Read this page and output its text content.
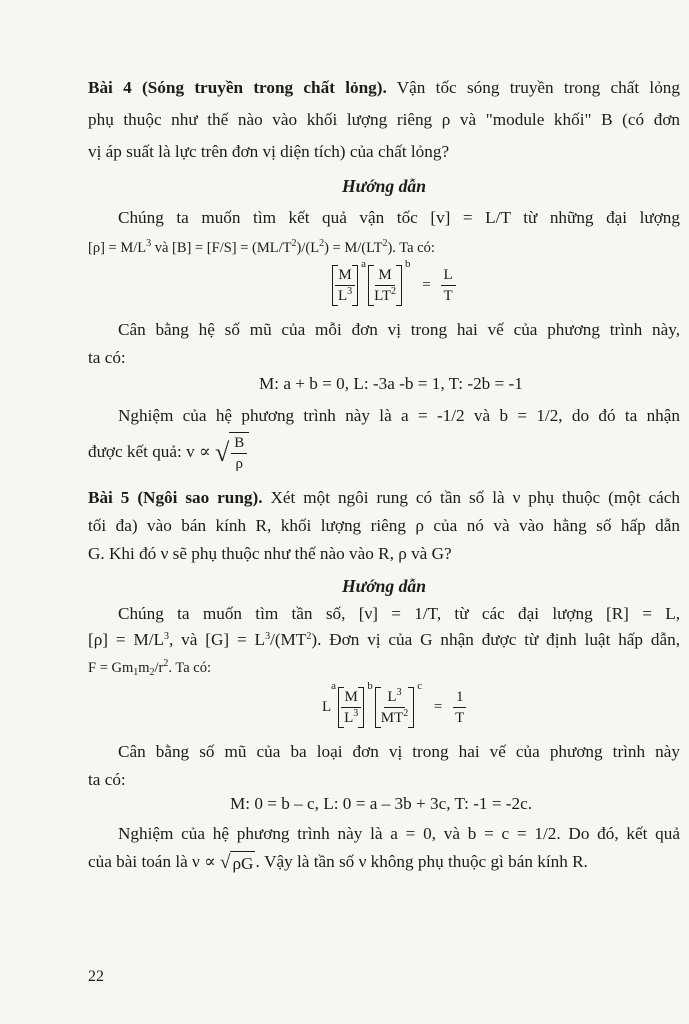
Bài 4 (Sóng truyền trong chất lỏng). Vận tốc sóng truyền trong chất lỏng
phụ thuộc như thế nào vào khối lượng riêng ρ và "module khối" B (có đơn
vị áp suất là lực trên đơn vị diện tích) của chất lỏng?
Hướng dẫn
Chúng ta muốn tìm kết quả vận tốc [v] = L/T từ những đại lượng
$[\rho] = M/L^3$ và $[B] = [F/S] = (ML/T^2)/(L^2) = M/(LT^2)$. Ta có:
$\frac{M}{L^3}$
$^a$
$\frac{M}{LT^2}$
$^b = \frac{L}{T}$
Cân bằng hệ số mũ của mỗi đơn vị trong hai vế của phương trình này,
ta có:
M: a + b = 0, L: -3a -b = 1, T: -2b = -1
Nghiệm của hệ phương trình này là a = -1/2 và b = 1/2, do đó ta nhận
được kết quả: v ∝ √ $\frac{B}{\rho}$
Bài 5 (Ngôi sao rung). Xét một ngôi rung có tần số là ν phụ thuộc (một cách
tối đa) vào bán kính R, khối lượng riêng ρ của nó và vào hằng số hấp dẫn
G. Khi đó ν sẽ phụ thuộc như thế nào vào R, ρ và G?
Hướng dẫn
Chúng ta muốn tìm tần số, [ν] = 1/T, từ các đại lượng [R] = L,
$[\rho] = M/L^3$, và $[G] = L^3/(MT^2)$. Đơn vị của G nhận được từ định luật hấp dẫn,
$F = Gm_1m_2/r^2$. Ta có:
$L^a$
$\frac{M}{L^3}$
$^b$
$\frac{L^3}{MT^2}$
$^c = \frac{1}{T}$
Cân bằng số mũ của ba loại đơn vị trong hai vế của phương trình này
ta có:
M: 0 = b – c, L: 0 = a – 3b + 3c, T: -1 = -2c.
Nghiệm của hệ phương trình này là a = 0, và b = c = 1/2. Do đó, kết quả
của bài toán là ν ∝ √ ρG . Vậy là tần số ν không phụ thuộc gì bán kính R.
22
